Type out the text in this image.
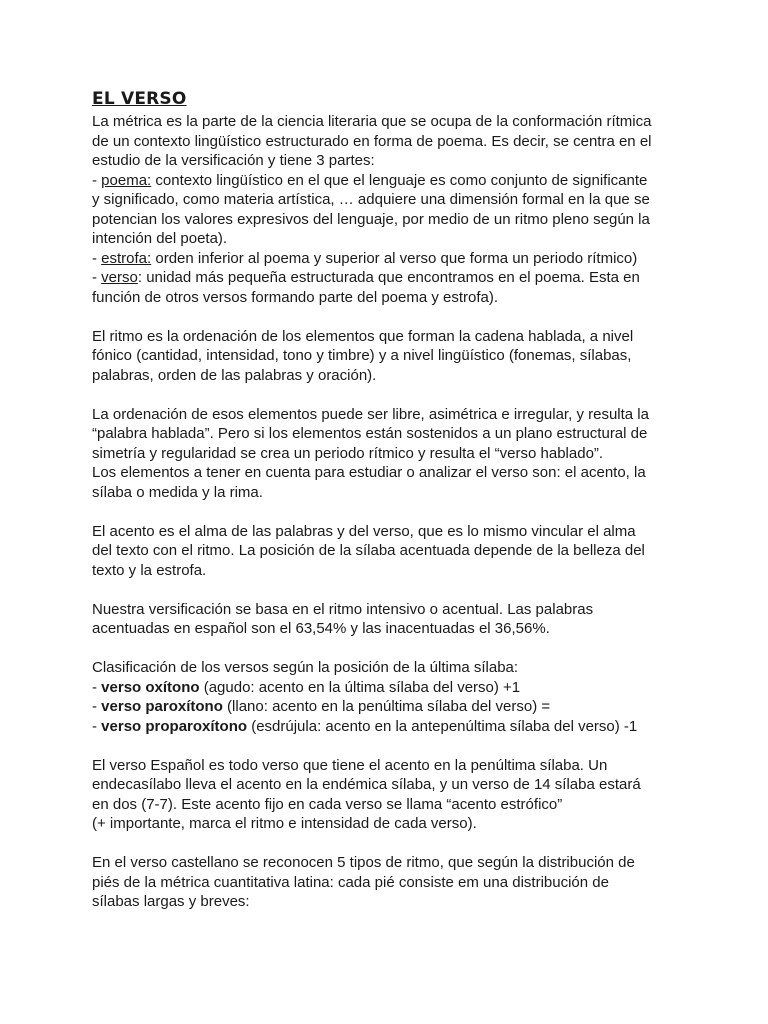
EL VERSO
La métrica es la parte de la ciencia literaria que se ocupa de la conformación rítmica
de un contexto lingüístico estructurado en forma de poema. Es decir, se centra en el
estudio de la versificación y tiene 3 partes:
- poema: contexto lingüístico en el que el lenguaje es como conjunto de significante
y significado, como materia artística, … adquiere una dimensión formal en la que se
potencian los valores expresivos del lenguaje, por medio de un ritmo pleno según la
intención del poeta).
- estrofa: orden inferior al poema y superior al verso que forma un periodo rítmico)
- verso: unidad más pequeña estructurada que encontramos en el poema. Esta en
función de otros versos formando parte del poema y estrofa).
El ritmo es la ordenación de los elementos que forman la cadena hablada, a nivel
fónico (cantidad, intensidad, tono y timbre) y a nivel lingüístico (fonemas, sílabas,
palabras, orden de las palabras y oración).
La ordenación de esos elementos puede ser libre, asimétrica e irregular, y resulta la
“palabra hablada”. Pero si los elementos están sostenidos a un plano estructural de
simetría y regularidad se crea un periodo rítmico y resulta el “verso hablado”.
Los elementos a tener en cuenta para estudiar o analizar el verso son: el acento, la
sílaba o medida y la rima.
El acento es el alma de las palabras y del verso, que es lo mismo vincular el alma
del texto con el ritmo. La posición de la sílaba acentuada depende de la belleza del
texto y la estrofa.
Nuestra versificación se basa en el ritmo intensivo o acentual. Las palabras
acentuadas en español son el 63,54% y las inacentuadas el 36,56%.
Clasificación de los versos según la posición de la última sílaba:
- verso oxítono (agudo: acento en la última sílaba del verso) +1
- verso paroxítono (llano: acento en la penúltima sílaba del verso) =
- verso proparoxítono (esdrújula: acento en la antepenúltima sílaba del verso) -1
El verso Español es todo verso que tiene el acento en la penúltima sílaba. Un
endecasílabo lleva el acento en la endémica sílaba, y un verso de 14 sílaba estará
en dos (7-7). Este acento fijo en cada verso se llama “acento estrófico”
(+ importante, marca el ritmo e intensidad de cada verso).
En el verso castellano se reconocen 5 tipos de ritmo, que según la distribución de
piés de la métrica cuantitativa latina: cada pié consiste em una distribución de
sílabas largas y breves:
